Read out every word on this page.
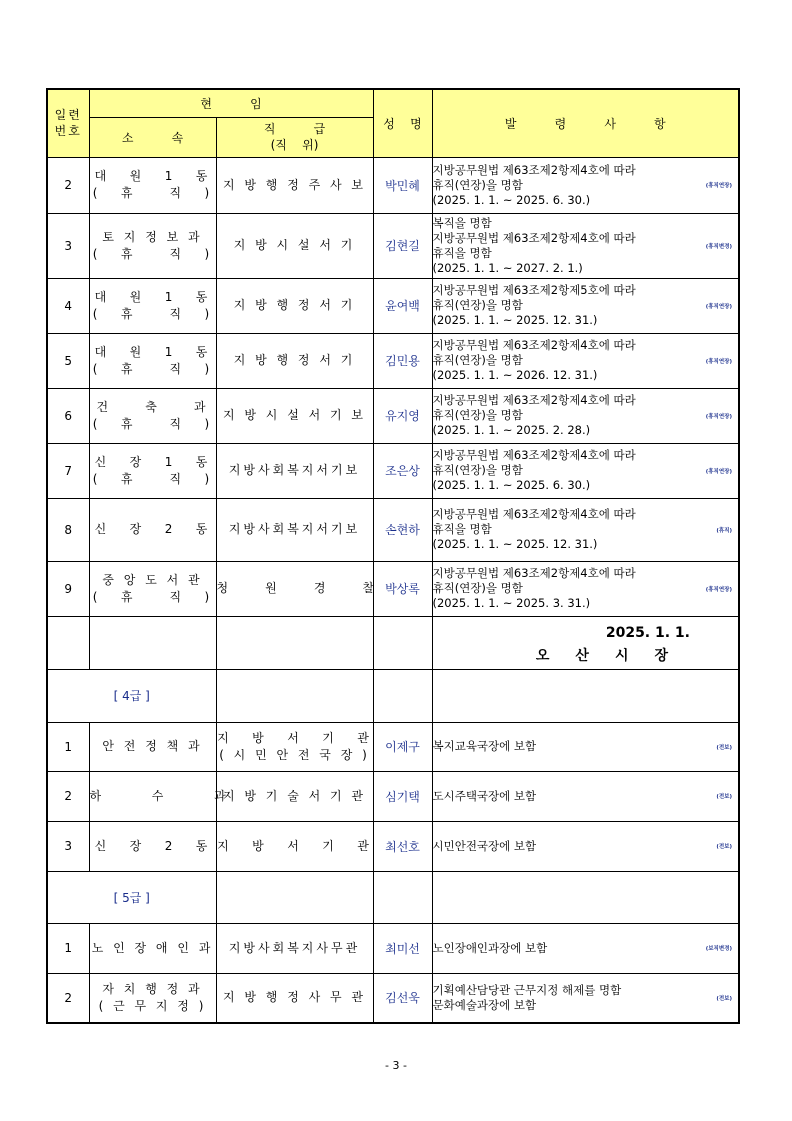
일련
번호	현          임		성    명	발          령          사          항
	소          속	직          급
(직    위)		
2	대   원   1   동
(   휴     직   )	지 방 행 정 주 사 보	박민혜	지방공무원법 제63조제2항제4호에 따라
휴직(연장)을 명함
(2025. 1. 1. ~ 2025. 6. 30.)
(휴직연장)

3	토 지 정 보 과
(   휴     직   )	지 방 시 설 서 기	김현길	복직을 명함
지방공무원법 제63조제2항제4호에 따라
휴직을 명함
(2025. 1. 1. ~ 2027. 2. 1.)
(휴직변경)

4	대   원   1   동
(   휴     직   )	지 방 행 정 서 기	윤여백	지방공무원법 제63조제2항제5호에 따라
휴직(연장)을 명함
(2025. 1. 1. ~ 2025. 12. 31.)
(휴직연장)

5	대   원   1   동
(   휴     직   )	지 방 행 정 서 기	김민용	지방공무원법 제63조제2항제4호에 따라
휴직(연장)을 명함
(2025. 1. 1. ~ 2026. 12. 31.)
(휴직연장)

6	건     축     과
(   휴     직   )	지 방 시 설 서 기 보	유지영	지방공무원법 제63조제2항제4호에 따라
휴직(연장)을 명함
(2025. 1. 1. ~ 2025. 2. 28.)
(휴직연장)

7	신   장   1   동
(   휴     직   )	지방사회복지서기보	조은상	지방공무원법 제63조제2항제4호에 따라
휴직(연장)을 명함
(2025. 1. 1. ~ 2025. 6. 30.)
(휴직연장)

8	신   장   2   동	지방사회복지서기보	손현하	지방공무원법 제63조제2항제4호에 따라
휴직을 명함
(2025. 1. 1. ~ 2025. 12. 31.)
(휴직)

9	중 앙 도 서 관
(   휴     직   )	청     원     경     찰	박상록	지방공무원법 제63조제2항제4호에 따라
휴직(연장)을 명함
(2025. 1. 1. ~ 2025. 3. 31.)
(휴직연장)

				2025. 1. 1.
오산시장

[ 4급 ]				
1	안 전 정 책 과	지   방   서   기   관
( 시 민 안 전 국 장 )	이제구	복지교육국장에 보함 (전보)

2	하       수       과	지 방 기 술 서 기 관	심기택	도시주택국장에 보함 (전보)

3	신   장   2   동	지   방   서   기   관	최선호	시민안전국장에 보함 (전보)

[ 5급 ]				
1	노 인 장 애 인 과	지방사회복지사무관	최미선	노인장애인과장에 보함 (보직변경)

2	자 치 행 정 과
( 근 무 지 정 )	지 방 행 정 사 무 관	김선욱	기획예산담당관 근무지정 해제를 명함
문화예술과장에 보함 (전보)
- 3 -
